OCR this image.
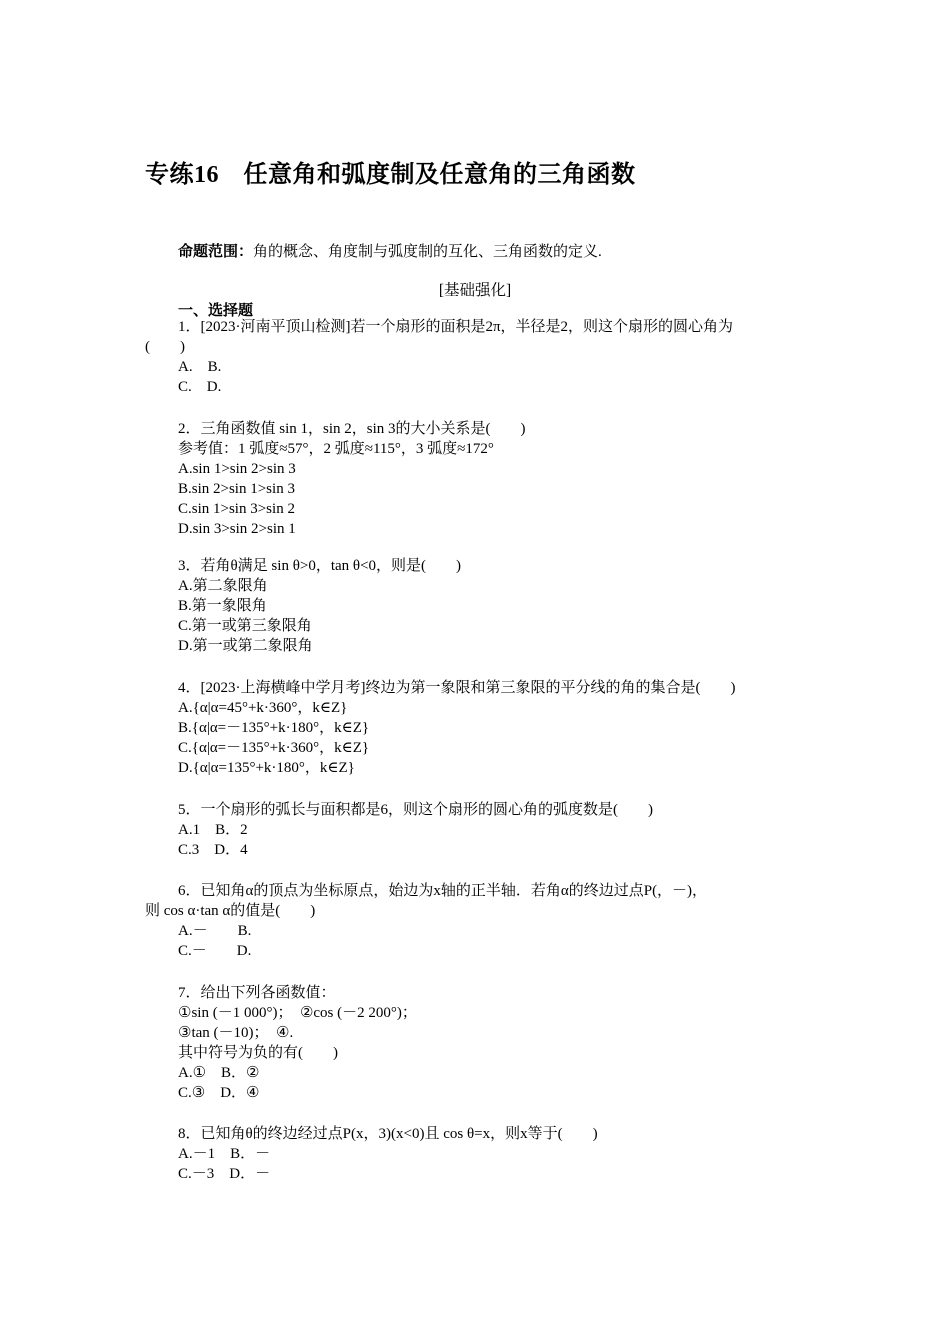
专练16　任意角和弧度制及任意角的三角函数
命题范围：角的概念、角度制与弧度制的互化、三角函数的定义.
[基础强化]
一、选择题
1．[2023·河南平顶山检测]若一个扇形的面积是2π，半径是2，则这个扇形的圆心角为
(　　)
A.　B.
C.　D.
2．三角函数值 sin 1，sin 2，sin 3的大小关系是(　　)
参考值：1 弧度≈57°，2 弧度≈115°，3 弧度≈172°
A.sin 1>sin 2>sin 3
B.sin 2>sin 1>sin 3
C.sin 1>sin 3>sin 2
D.sin 3>sin 2>sin 1
3．若角θ满足 sin θ>0，tan θ<0，则是(　　)
A.第二象限角
B.第一象限角
C.第一或第三象限角
D.第一或第二象限角
4．[2023·上海横峰中学月考]终边为第一象限和第三象限的平分线的角的集合是(　　)
A.{α|α=45°+k·360°，k∈Z}
B.{α|α=－135°+k·180°，k∈Z}
C.{α|α=－135°+k·360°，k∈Z}
D.{α|α=135°+k·180°，k∈Z}
5．一个扇形的弧长与面积都是6，则这个扇形的圆心角的弧度数是(　　)
A.1　B．2
C.3　D．4
6．已知角α的顶点为坐标原点，始边为x轴的正半轴．若角α的终边过点P(，－)，
则 cos α·tan α的值是(　　)
A.－　　B.
C.－　　D.
7．给出下列各函数值：
①sin (－1 000°)；　②cos (－2 200°)；
③tan (－10)；　④.
其中符号为负的有(　　)
A.①　B．②
C.③　D．④
8．已知角θ的终边经过点P(x，3)(x<0)且 cos θ=x，则x等于(　　)
A.－1　B．－
C.－3　D．－
